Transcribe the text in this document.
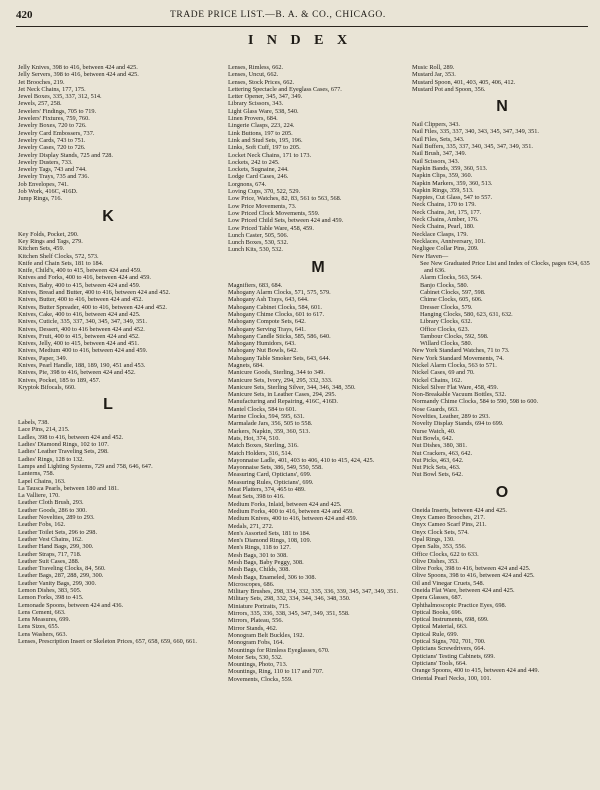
420	TRADE PRICE LIST.—B. A. & CO., CHICAGO.
I N D E X
Jelly Knives, 398 to 416, between 424 and 425.
Jelly Servers, 398 to 416, between 424 and 425.
Jet Brooches, 219.
Jet Neck Chains, 177, 175.
Jewel Boxes, 335, 337, 312, 514.
Jewels, 257, 258.
Jewelers' Findings, 705 to 719.
Jewelers' Fixtures, 759, 760.
Jewelry Boxes, 720 to 726.
Jewelry Card Embossers, 737.
Jewelry Cards, 743 to 751.
Jewelry Cases, 720 to 726.
Jewelry Display Stands, 725 and 728.
Jewelry Dusters, 733.
Jewelry Tags, 743 and 744.
Jewelry Trays, 735 and 736.
Job Envelopes, 741.
Job Work, 416C, 416D.
Jump Rings, 716.
K
Key Folds, Pocket, 290.
Key Rings and Tags, 279.
Kitchen Sets, 459.
Kitchen Shelf Clocks, 572, 573.
Knife and Chain Sets, 181 to 184.
Knife, Child's, 400 to 415, between 424 and 459.
Knives and Forks, 400 to 416, between 424 and 459.
Knives, Baby, 400 to 415, between 424 and 459.
Knives, Bread and Butter, 400 to 416, between 424 and 452.
Knives, Butter, 400 to 416, between 424 and 452.
Knives, Butter Spreader, 400 to 416, between 424 and 452.
Knives, Cake, 400 to 416, between 424 and 425.
Knives, Cuticle, 335, 337, 340, 345, 347, 349, 351.
Knives, Dessert, 400 to 416 between 424 and 452.
Knives, Fruit, 400 to 415, between 424 and 452.
Knives, Jelly, 400 to 415, between 424 and 451.
Knives, Medium 400 to 416, between 424 and 459.
Knives, Paper, 349.
Knives, Pearl Handle, 188, 189, 190, 451 and 453.
Knives, Pie, 398 to 416, between 424 and 452.
Knives, Pocket, 185 to 189, 457.
Kryptok Bifocals, 660.
L
Labels, 738.
Lace Pins, 214, 215.
Ladles, 398 to 416, between 424 and 452.
Ladies' Diamond Rings, 102 to 107.
Ladies' Leather Traveling Sets, 298.
Ladies' Rings, 128 to 132.
Lamps and Lighting Systems, 729 and 758, 646, 647.
Lanterns, 758.
Lapel Chains, 163.
La Tausca Pearls, between 180 and 181.
La Valliere, 170.
Leather Cloth Brush, 293.
Leather Goods, 286 to 300.
Leather Novelties, 289 to 293.
Leather Fobs, 162.
Leather Toilet Sets, 296 to 298.
Leather Vest Chains, 162.
Leather Hand Bags, 299, 300.
Leather Straps, 717, 718.
Leather Suit Cases, 288.
Leather Traveling Clocks, 84, 560.
Leather Bags, 287, 288, 299, 300.
Leather Vanity Bags, 299, 300.
Lemon Dishes, 383, 505.
Lemon Forks, 398 to 415.
Lemonade Spoons, between 424 and 436.
Lens Cement, 663.
Lens Measures, 699.
Lens Sizes, 655.
Lens Washers, 663.
Lenses, Prescription Insert or Skeleton Prices, 657, 658, 659, 660, 661.
Lenses, Rimless, 662.
Lenses, Uncut, 662.
Lenses, Stock Prices, 662.
Lettering Spectacle and Eyeglass Cases, 677.
Letter Opener, 345, 347, 349.
Library Scissors, 343.
Light Glass Ware, 538, 540.
Linen Provers, 684.
Lingerie Clasps, 223, 224.
Link Buttons, 197 to 205.
Link and Stud Sets, 195, 196.
Links, Soft Cuff, 197 to 205.
Locket Neck Chains, 171 to 173.
Lockets, 242 to 245.
Lockets, Sugnaine, 244.
Lodge Card Cases, 246.
Lorgnons, 674.
Loving Cups, 370, 522, 529.
Low Price, Watches, 82, 83, 561 to 563, 568.
Low Price Movements, 73.
Low Priced Clock Movements, 559.
Low Priced Child Sets, between 424 and 459.
Low Priced Table Ware, 458, 459.
Lunch Caster, 505, 506.
Lunch Boxes, 530, 532.
Lunch Kits, 530, 532.
M
Magnifiers, 683, 684.
Mahogany Alarm Clocks, 571, 575, 579.
Mahogany Ash Trays, 643, 644.
Mahogany Cabinet Clocks, 584, 601.
Mahogany Chime Clocks, 601 to 617.
Mahogany Compote Sets, 642.
Mahogany Serving Trays, 641.
Mahogany Candle Sticks, 585, 586, 640.
Mahogany Humidors, 643.
Mahogany Nut Bowls, 642.
Mahogany Table Smoker Sets, 643, 644.
Magnets, 684.
Manicure Goods, Sterling, 344 to 349.
Manicure Sets, Ivory, 294, 295, 332, 333.
Manicure Sets, Sterling Silver, 344, 346, 348, 350.
Manicure Sets, in Leather Cases, 294, 295.
Manufacturing and Repairing, 416C, 416D.
Mantel Clocks, 584 to 601.
Marine Clocks, 594, 595, 631.
Marmalade Jars, 356, 505 to 558.
Markers, Napkin, 359, 360, 513.
Mats, Hot, 374, 510.
Match Boxes, Sterling, 316.
Match Holders, 316, 514.
Mayonnaise Ladle, 401, 403 to 406, 410 to 415, 424, 425.
Mayonnaise Sets, 386, 549, 550, 558.
Measuring Card, Opticians', 699.
Measuring Rules, Opticians', 699.
Meat Platters, 374, 465 to 489.
Meat Sets, 398 to 416.
Medium Forks, Inlaid, between 424 and 425.
Medium Forks, 400 to 416, between 424 and 459.
Medium Knives, 400 to 416, between 424 and 459.
Medals, 271, 272.
Men's Assorted Sets, 181 to 184.
Men's Diamond Rings, 108, 109.
Men's Rings, 118 to 127.
Mesh Bags, 301 to 308.
Mesh Bags, Baby Peggy, 308.
Mesh Bags, Childs, 308.
Mesh Bags, Enameled, 306 to 308.
Microscopes, 686.
Military Brushes, 298, 334, 332, 335, 336, 339, 345, 347, 349, 351.
Military Sets, 298, 332, 334, 344, 346, 348, 350.
Miniature Portraits, 715.
Mirrors, 335, 336, 338, 345, 347, 349, 351, 558.
Mirrors, Plateau, 556.
Mirror Stands, 462.
Monogram Belt Buckles, 192.
Monogram Fobs, 164.
Mountings for Rimless Eyeglasses, 670.
Motor Sets, 530, 532.
Mountings, Photo, 713.
Mountings, Ring, 110 to 117 and 707.
Movements, Clocks, 559.
Music Roll, 289.
Mustard Jar, 353.
Mustard Spoon, 401, 403, 405, 406, 412.
Mustard Pot and Spoon, 356.
N
Nail Clippers, 343.
Nail Files, 335, 337, 340, 343, 345, 347, 349, 351.
Nail Files, Sets, 343.
Nail Buffers, 335, 337, 340, 345, 347, 349, 351.
Nail Brush, 347, 349.
Nail Scissors, 343.
Napkin Bands, 359, 360, 513.
Napkin Clips, 359, 360.
Napkin Markers, 359, 360, 513.
Napkin Rings, 359, 513.
Nappies, Cut Glass, 547 to 557.
Neck Chains, 170 to 179.
Neck Chains, Jet, 175, 177.
Neck Chains, Amber, 176.
Neck Chains, Pearl, 180.
Necklace Clasps, 179.
Necklaces, Anniversary, 101.
Negligee Collar Pins, 209.
New Haven—
See New Graduated Price List and Index of Clocks, pages 634, 635 and 636.
Alarm Clocks, 563, 564.
Banjo Clocks, 580.
Cabinet Clocks, 597, 598.
Chime Clocks, 605, 606.
Dresser Clocks, 579.
Hanging Clocks, 580, 623, 631, 632.
Library Clocks, 632.
Office Clocks, 623.
Tambour Clocks, 592, 598.
Willard Clocks, 580.
New York Standard Watches, 71 to 73.
New York Standard Movements, 74.
Nickel Alarm Clocks, 563 to 571.
Nickel Cases, 69 and 70.
Nickel Chains, 162.
Nickel Silver Flat Ware, 458, 459.
Non-Breakable Vacuum Bottles, 532.
Normandy Chime Clocks, 584 to 590, 598 to 600.
Nose Guards, 663.
Novelties, Leather, 289 to 293.
Novelty Display Stands, 694 to 699.
Nurse Watch, 40.
Nut Bowls, 642.
Nut Dishes, 380, 381.
Nut Crackers, 463, 642.
Nut Picks, 463, 642.
Nut Pick Sets, 463.
Nut Bowl Sets, 642.
O
Oneida Inserts, between 424 and 425.
Onyx Cameo Brooches, 217.
Onyx Cameo Scarf Pins, 211.
Onyx Clock Sets, 574.
Opal Rings, 130.
Open Salts, 353, 556.
Office Clocks, 622 to 633.
Olive Dishes, 353.
Olive Forks, 398 to 416, between 424 and 425.
Olive Spoons, 398 to 416, between 424 and 425.
Oil and Vinegar Cruets, 548.
Oneida Flat Ware, between 424 and 425.
Opera Glasses, 687.
Ophthalmoscopic Practice Eyes, 698.
Optical Books, 696.
Optical Instruments, 698, 699.
Optical Material, 663.
Optical Rule, 699.
Optical Signs, 702, 701, 700.
Opticians Screwdrivers, 664.
Opticians' Testing Cabinets, 699.
Opticians' Tools, 664.
Orange Spoons, 400 to 415, between 424 and 449.
Oriental Pearl Necks, 100, 101.
